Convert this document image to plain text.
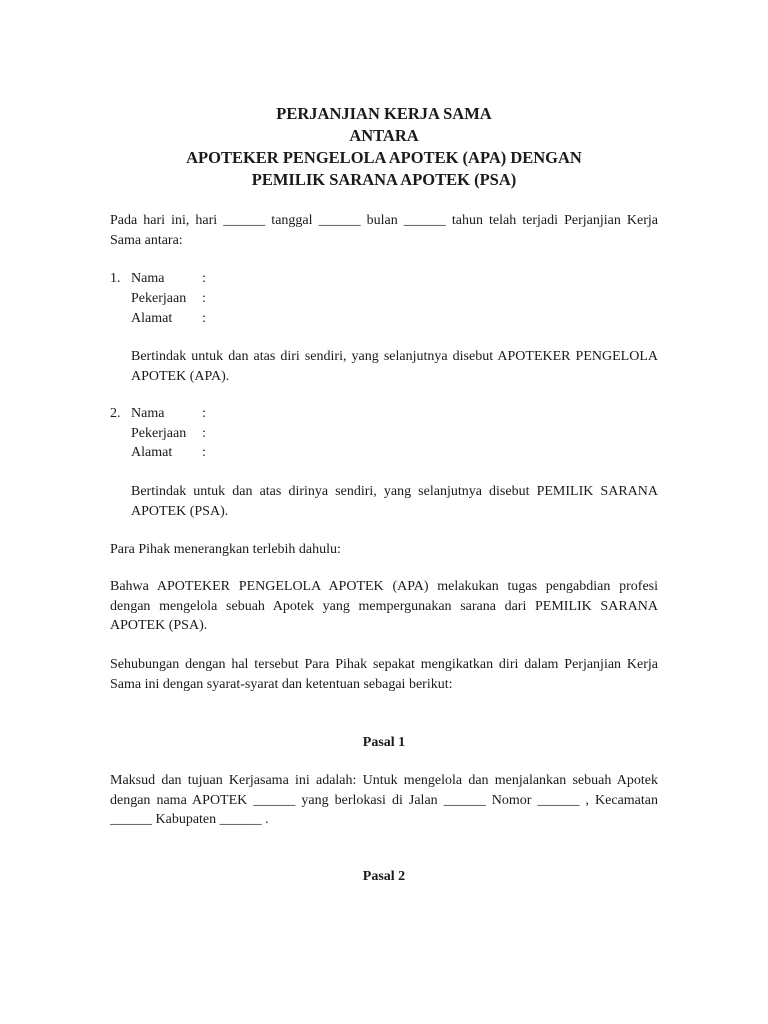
PERJANJIAN KERJA SAMA
ANTARA
APOTEKER PENGELOLA APOTEK (APA) DENGAN
PEMILIK SARANA APOTEK (PSA)
Pada hari ini, hari ______ tanggal ______ bulan ______ tahun telah terjadi Perjanjian Kerja Sama antara:
1. Nama	:
Pekerjaan :
Alamat :
Bertindak untuk dan atas diri sendiri, yang selanjutnya disebut APOTEKER PENGELOLA APOTEK (APA).
2. Nama	:
Pekerjaan :
Alamat :
Bertindak untuk dan atas dirinya sendiri, yang selanjutnya disebut PEMILIK SARANA APOTEK (PSA).
Para Pihak menerangkan terlebih dahulu:
Bahwa APOTEKER PENGELOLA APOTEK (APA) melakukan tugas pengabdian profesi dengan mengelola sebuah Apotek yang mempergunakan sarana dari PEMILIK SARANA APOTEK (PSA).
Sehubungan dengan hal tersebut Para Pihak sepakat mengikatkan diri dalam Perjanjian Kerja Sama ini dengan syarat-syarat dan ketentuan sebagai berikut:
Pasal 1
Maksud dan tujuan Kerjasama ini adalah: Untuk mengelola dan menjalankan sebuah Apotek dengan nama APOTEK ______ yang berlokasi di Jalan ______ Nomor ______ , Kecamatan ______ Kabupaten ______ .
Pasal 2
